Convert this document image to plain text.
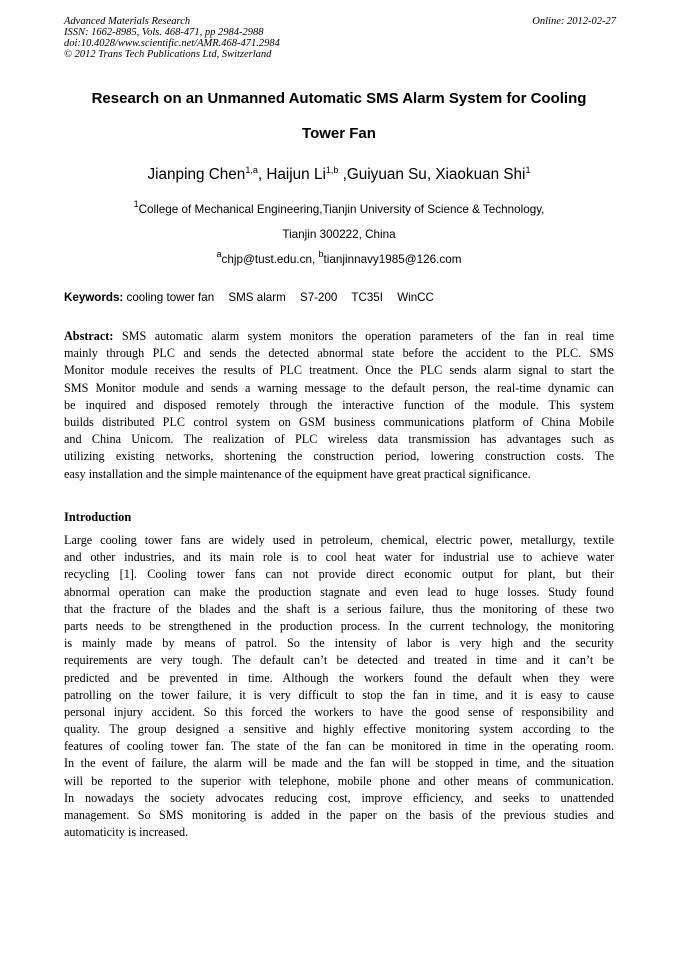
Advanced Materials Research
ISSN: 1662-8985, Vols. 468-471, pp 2984-2988
doi:10.4028/www.scientific.net/AMR.468-471.2984
© 2012 Trans Tech Publications Ltd, Switzerland
Online: 2012-02-27
Research on an Unmanned Automatic SMS Alarm System for Cooling
Tower Fan
Jianping Chen$^{1,a}$, Haijun Li$^{1,b}$ ,Guiyuan Su, Xiaokuan Shi$^1$
$^1$College of Mechanical Engineering,Tianjin University of Science & Technology,
Tianjin 300222, China
$^a$chjp@tust.edu.cn, $^b$tianjinnavy1985@126.com
Keywords: cooling tower fan SMS alarm S7-200 TC35I WinCC
Abstract: SMS automatic alarm system monitors the operation parameters of the fan in real time
mainly through PLC and sends the detected abnormal state before the accident to the PLC. SMS
Monitor module receives the results of PLC treatment. Once the PLC sends alarm signal to start the
SMS Monitor module and sends a warning message to the default person, the real-time dynamic can
be inquired and disposed remotely through the interactive function of the module. This system
builds distributed PLC control system on GSM business communications platform of China Mobile
and China Unicom. The realization of PLC wireless data transmission has advantages such as
utilizing existing networks, shortening the construction period, lowering construction costs. The
easy installation and the simple maintenance of the equipment have great practical significance.
Introduction
Large cooling tower fans are widely used in petroleum, chemical, electric power, metallurgy, textile
and other industries, and its main role is to cool heat water for industrial use to achieve water
recycling [1]. Cooling tower fans can not provide direct economic output for plant, but their
abnormal operation can make the production stagnate and even lead to huge losses. Study found
that the fracture of the blades and the shaft is a serious failure, thus the monitoring of these two
parts needs to be strengthened in the production process. In the current technology, the monitoring
is mainly made by means of patrol. So the intensity of labor is very high and the security
requirements are very tough. The default can’t be detected and treated in time and it can’t be
predicted and be prevented in time. Although the workers found the default when they were
patrolling on the tower failure, it is very difficult to stop the fan in time, and it is easy to cause
personal injury accident. So this forced the workers to have the good sense of responsibility and
quality. The group designed a sensitive and highly effective monitoring system according to the
features of cooling tower fan. The state of the fan can be monitored in time in the operating room.
In the event of failure, the alarm will be made and the fan will be stopped in time, and the situation
will be reported to the superior with telephone, mobile phone and other means of communication.
In nowadays the society advocates reducing cost, improve efficiency, and seeks to unattended
management. So SMS monitoring is added in the paper on the basis of the previous studies and
automaticity is increased.
